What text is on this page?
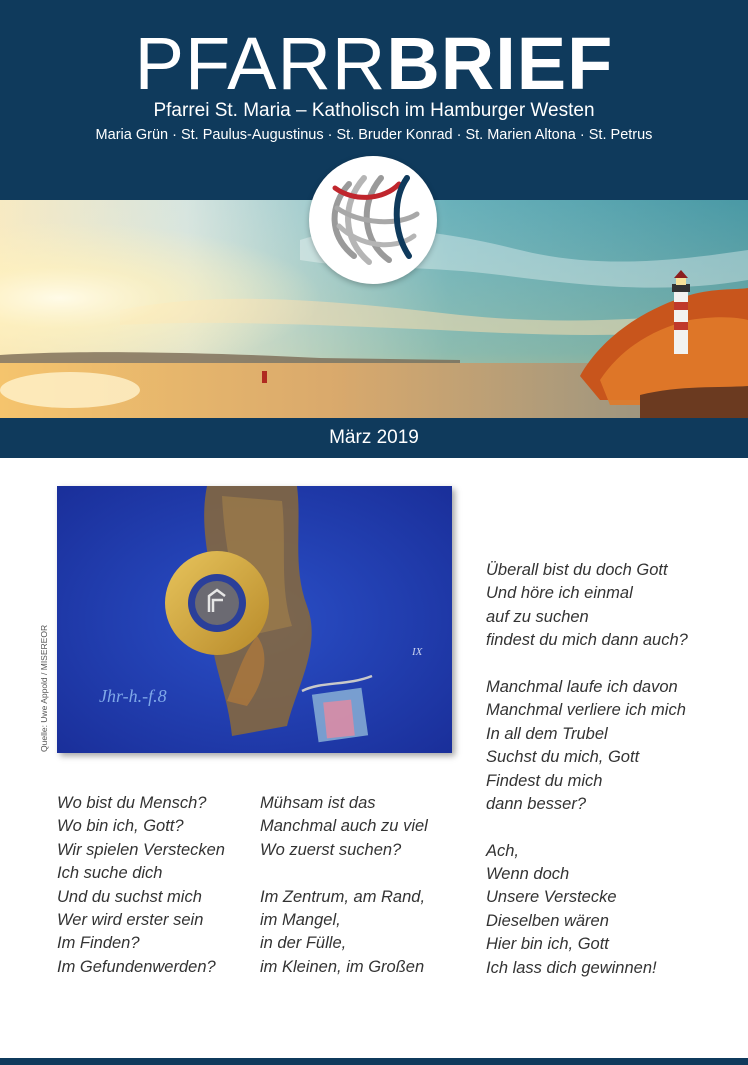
PFARRBRIEF
Pfarrei St. Maria – Katholisch im Hamburger Westen
Maria Grün · St. Paulus-Augustinus · St. Bruder Konrad · St. Marien Altona · St. Petrus
März 2019
IX
Jhr-h.-f.8
Quelle: Uwe Appold / MISEREOR
Wo bist du Mensch?
Wo bin ich, Gott?
Wir spielen Verstecken
Ich suche dich
Und du suchst mich
Wer wird erster sein
Im Finden?
Im Gefundenwerden?
Mühsam ist das
Manchmal auch zu viel
Wo zuerst suchen?
Im Zentrum, am Rand,
im Mangel,
in der Fülle,
im Kleinen, im Großen
Überall bist du doch Gott
Und höre ich einmal
auf zu suchen
findest du mich dann auch?
Manchmal laufe ich davon
Manchmal verliere ich mich
In all dem Trubel
Suchst du mich, Gott
Findest du mich
dann besser?
Ach,
Wenn doch
Unsere Verstecke
Dieselben wären
Hier bin ich, Gott
Ich lass dich gewinnen!
